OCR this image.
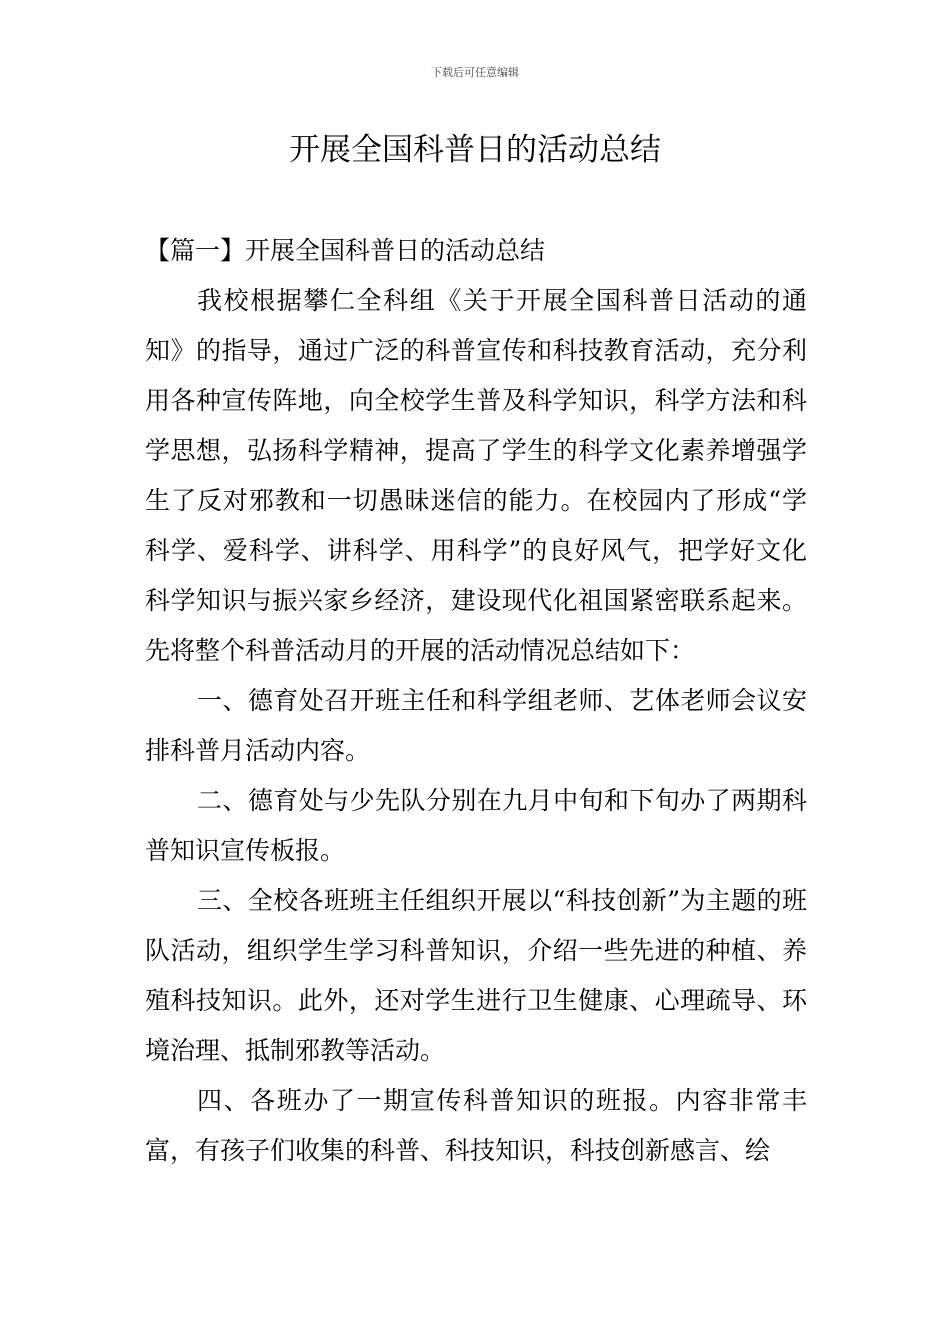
下载后可任意编辑
开展全国科普日的活动总结

【篇一】开展全国科普日的活动总结

我校根据攀仁全科组《关于开展全国科普日活动的通知》的指导，通过广泛的科普宣传和科技教育活动，充分利用各种宣传阵地，向全校学生普及科学知识，科学方法和科学思想，弘扬科学精神，提高了学生的科学文化素养增强学生了反对邪教和一切愚昧迷信的能力。在校园内了形成“学科学、爱科学、讲科学、用科学”的良好风气，把学好文化科学知识与振兴家乡经济，建设现代化祖国紧密联系起来。先将整个科普活动月的开展的活动情况总结如下：

一、德育处召开班主任和科学组老师、艺体老师会议安排科普月活动内容。

二、德育处与少先队分别在九月中旬和下旬办了两期科普知识宣传板报。

三、全校各班班主任组织开展以“科技创新”为主题的班队活动，组织学生学习科普知识，介绍一些先进的种植、养殖科技知识。此外，还对学生进行卫生健康、心理疏导、环境治理、抵制邪教等活动。

四、各班办了一期宣传科普知识的班报。内容非常丰富，有孩子们收集的科普、科技知识，科技创新感言、绘
